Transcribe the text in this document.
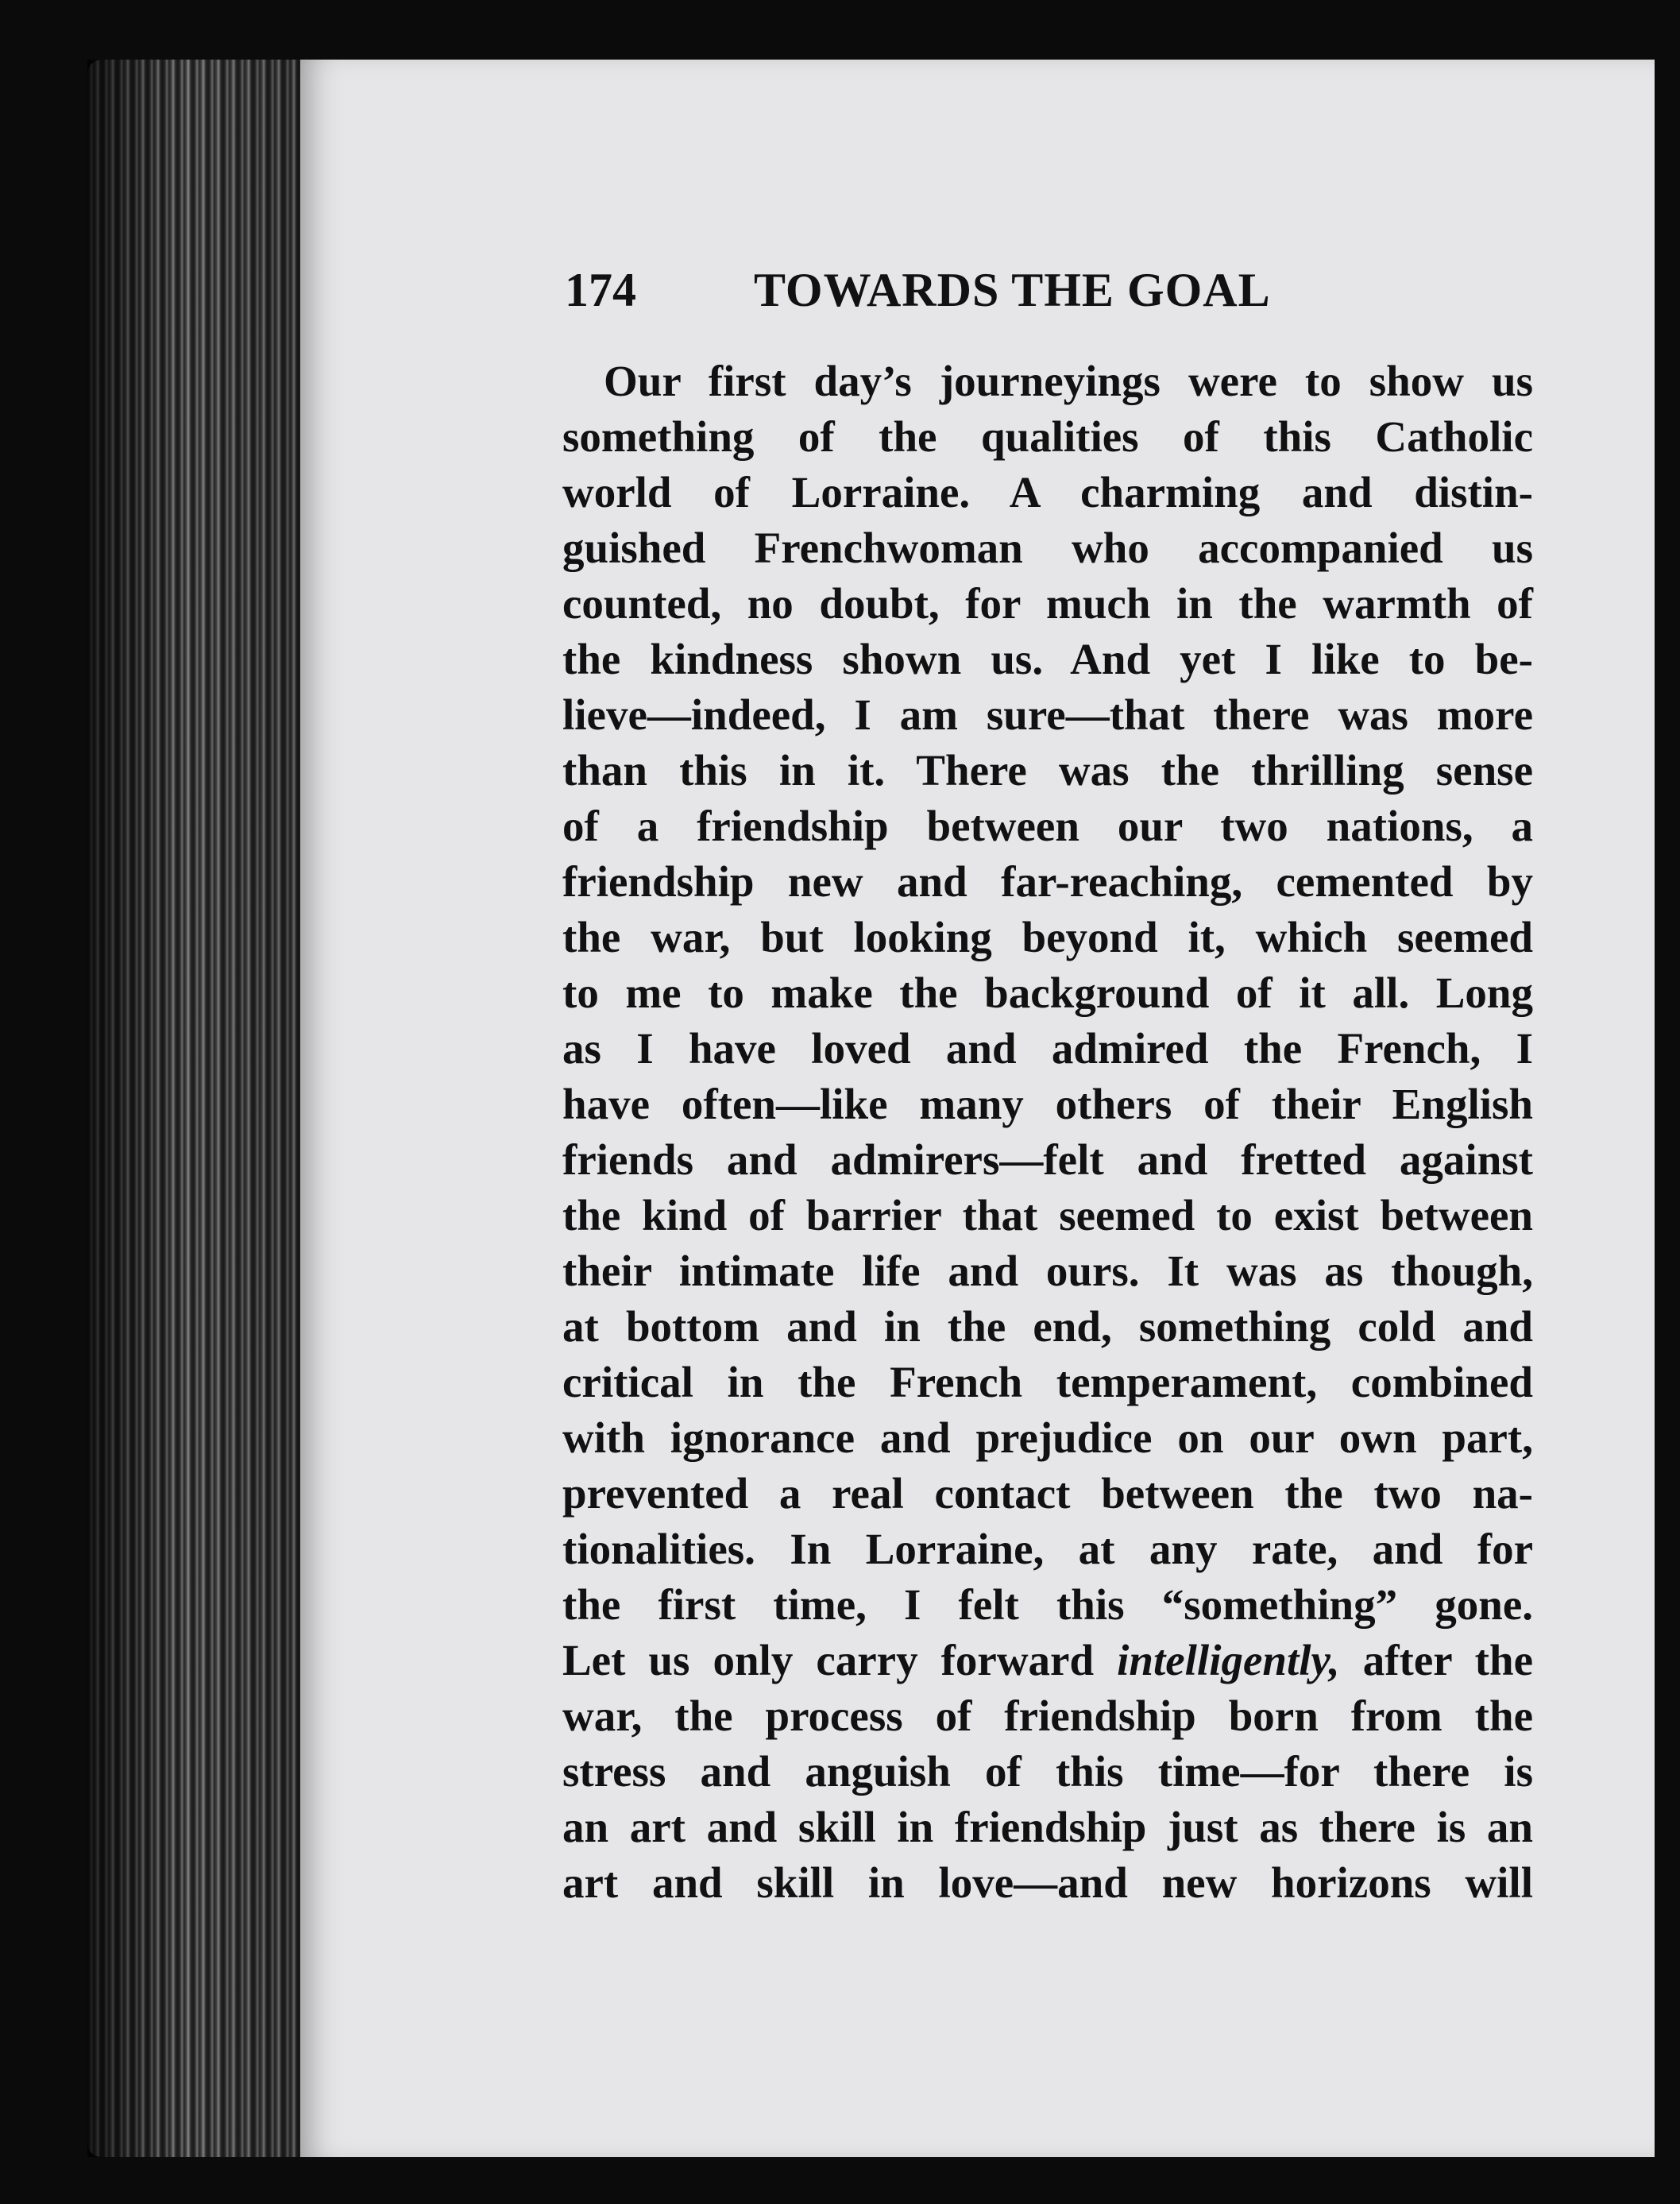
174 TOWARDS THE GOAL
Our first day’s journeyings were to show us
something of the qualities of this Catholic
world of Lorraine. A charming and distin-
guished Frenchwoman who accompanied us
counted, no doubt, for much in the warmth of
the kindness shown us. And yet I like to be-
lieve—indeed, I am sure—that there was more
than this in it. There was the thrilling sense
of a friendship between our two nations, a
friendship new and far-reaching, cemented by
the war, but looking beyond it, which seemed
to me to make the background of it all. Long
as I have loved and admired the French, I
have often—like many others of their English
friends and admirers—felt and fretted against
the kind of barrier that seemed to exist between
their intimate life and ours. It was as though,
at bottom and in the end, something cold and
critical in the French temperament, combined
with ignorance and prejudice on our own part,
prevented a real contact between the two na-
tionalities. In Lorraine, at any rate, and for
the first time, I felt this “something” gone.
Let us only carry forward intelligently, after the
war, the process of friendship born from the
stress and anguish of this time—for there is
an art and skill in friendship just as there is an
art and skill in love—and new horizons will
